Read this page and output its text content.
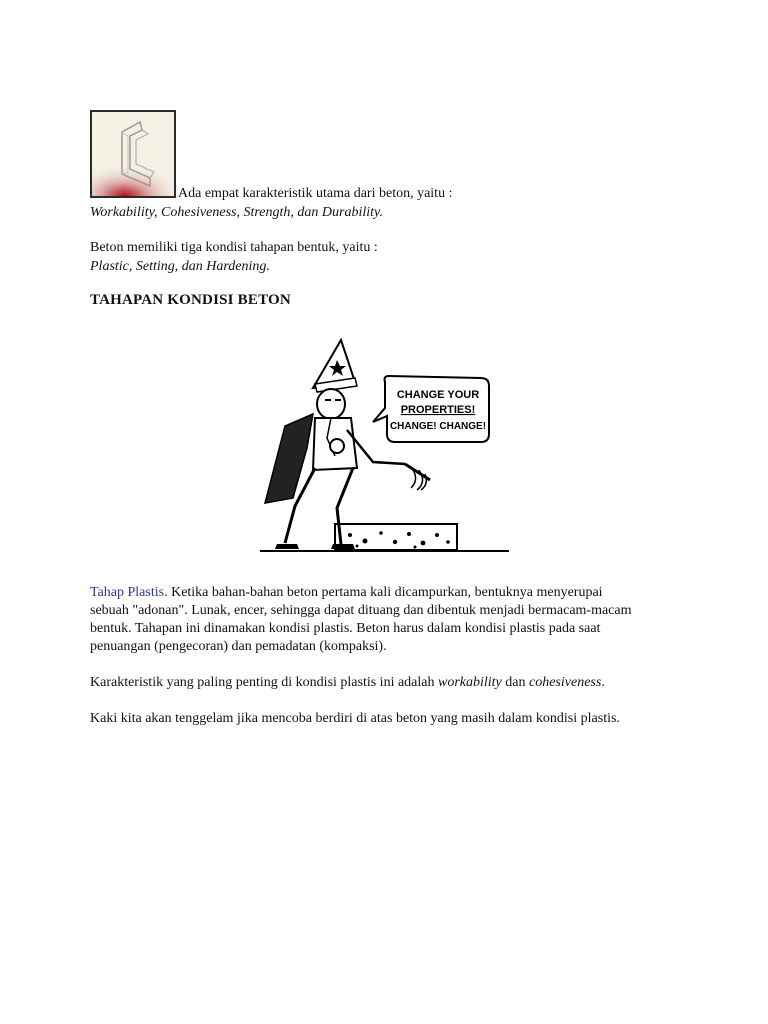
Ada empat karakteristik utama dari beton, yaitu :
Workability, Cohesiveness, Strength, dan Durability.
Beton memiliki tiga kondisi tahapan bentuk, yaitu :
Plastic, Setting, dan Hardening.
TAHAPAN KONDISI BETON
CHANGE YOUR
PROPERTIES!
CHANGE! CHANGE!
Tahap Plastis. Ketika bahan-bahan beton pertama kali dicampurkan, bentuknya menyerupai
sebuah "adonan". Lunak, encer, sehingga dapat dituang dan dibentuk menjadi bermacam-macam
bentuk. Tahapan ini dinamakan kondisi plastis. Beton harus dalam kondisi plastis pada saat
penuangan (pengecoran) dan pemadatan (kompaksi).
Karakteristik yang paling penting di kondisi plastis ini adalah workability dan cohesiveness.
Kaki kita akan tenggelam jika mencoba berdiri di atas beton yang masih dalam kondisi plastis.
